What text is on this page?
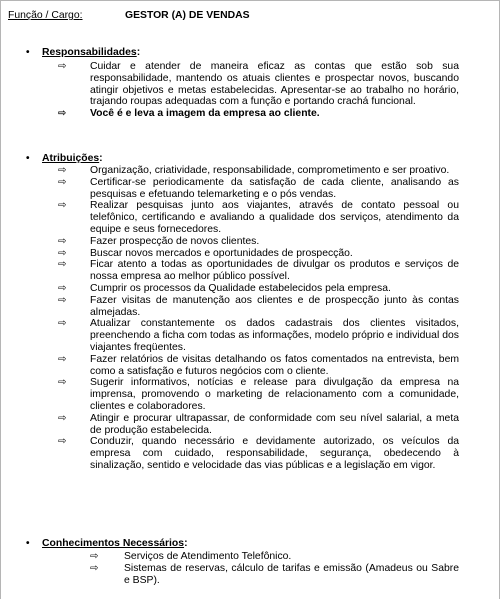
Função / Cargo:	GESTOR (A) DE VENDAS
• Responsabilidades:
⇨ Cuidar e atender de maneira eficaz as contas que estão sob sua responsabilidade, mantendo os atuais clientes e prospectar novos, buscando atingir objetivos e metas estabelecidas. Apresentar-se ao trabalho no horário, trajando roupas adequadas com a função e portando crachá funcional.
⇨ Você é e leva a imagem da empresa ao cliente.
• Atribuições:
⇨ Organização, criatividade, responsabilidade, comprometimento e ser proativo.
⇨ Certificar-se periodicamente da satisfação de cada cliente, analisando as pesquisas e efetuando telemarketing e o pós vendas.
⇨ Realizar pesquisas junto aos viajantes, através de contato pessoal ou telefônico, certificando e avaliando a qualidade dos serviços, atendimento da equipe e seus fornecedores.
⇨ Fazer prospecção de novos clientes.
⇨ Buscar novos mercados e oportunidades de prospecção.
⇨ Ficar atento a todas as oportunidades de divulgar os produtos e serviços de nossa empresa ao melhor público possível.
⇨ Cumprir os processos da Qualidade estabelecidos pela empresa.
⇨ Fazer visitas de manutenção aos clientes e de prospecção junto às contas almejadas.
⇨ Atualizar constantemente os dados cadastrais dos clientes visitados, preenchendo a ficha com todas as informações, modelo próprio e individual dos viajantes freqüentes.
⇨ Fazer relatórios de visitas detalhando os fatos comentados na entrevista, bem como a satisfação e futuros negócios com o cliente.
⇨ Sugerir informativos, notícias e release para divulgação da empresa na imprensa, promovendo o marketing de relacionamento com a comunidade, clientes e colaboradores.
⇨ Atingir e procurar ultrapassar, de conformidade com seu nível salarial, a meta de produção estabelecida.
⇨ Conduzir, quando necessário e devidamente autorizado, os veículos da empresa com cuidado, responsabilidade, segurança, obedecendo à sinalização, sentido e velocidade das vias públicas e a legislação em vigor.
• Conhecimentos Necessários:
⇨ Serviços de Atendimento Telefônico.
⇨ Sistemas de reservas, cálculo de tarifas e emissão (Amadeus ou Sabre e BSP).
